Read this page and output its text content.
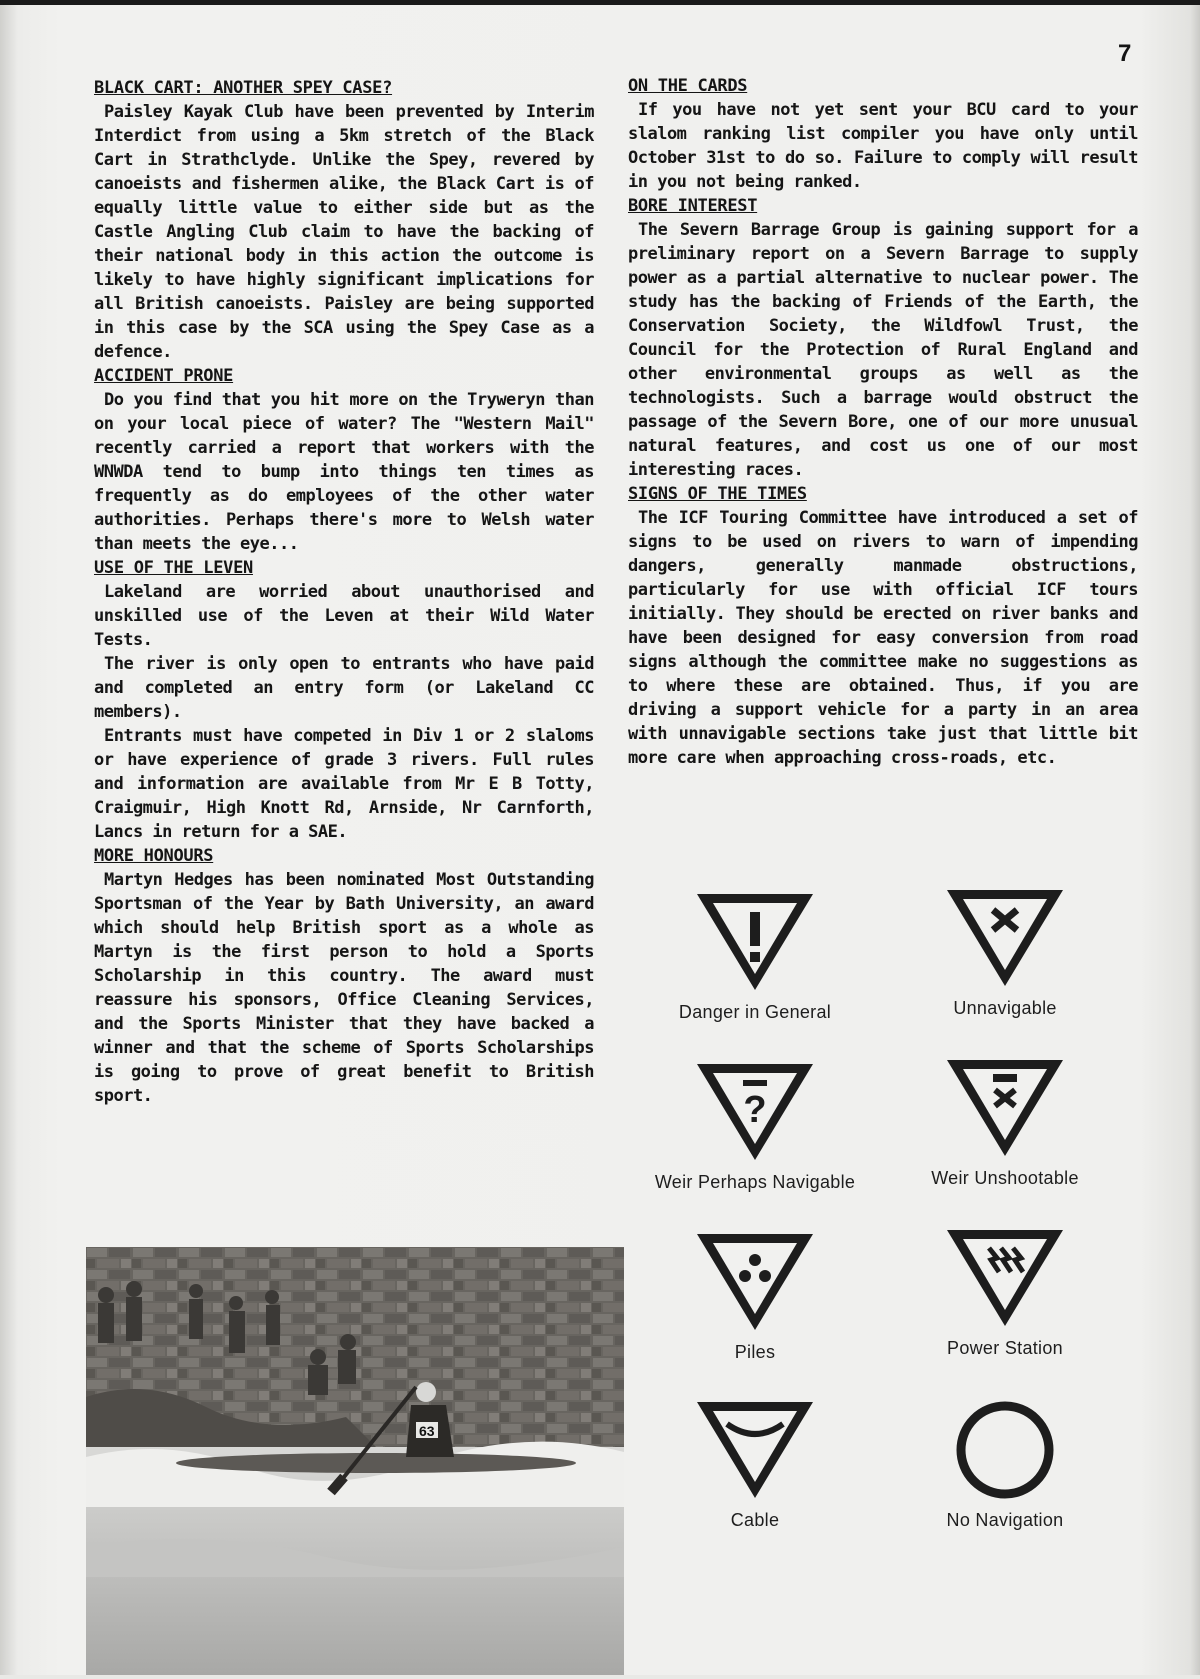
7
BLACK CART: ANOTHER SPEY CASE?

Paisley Kayak Club have been prevented by Interim Interdict from using a 5km stretch of the Black Cart in Strathclyde. Unlike the Spey, revered by canoeists and fishermen alike, the Black Cart is of equally little value to either side but as the Castle Angling Club claim to have the backing of their national body in this action the outcome is likely to have highly significant implications for all British canoeists. Paisley are being supported in this case by the SCA using the Spey Case as a defence.

ACCIDENT PRONE

Do you find that you hit more on the Tryweryn than on your local piece of water? The "Western Mail" recently carried a report that workers with the WNWDA tend to bump into things ten times as frequently as do employees of the other water authorities. Perhaps there's more to Welsh water than meets the eye...

USE OF THE LEVEN

Lakeland are worried about unauthorised and unskilled use of the Leven at their Wild Water Tests.

The river is only open to entrants who have paid and completed an entry form (or Lakeland CC members).

Entrants must have competed in Div 1 or 2 slaloms or have experience of grade 3 rivers. Full rules and information are available from Mr E B Totty, Craigmuir, High Knott Rd, Arnside, Nr Carnforth, Lancs in return for a SAE.

MORE HONOURS

Martyn Hedges has been nominated Most Outstanding Sportsman of the Year by Bath University, an award which should help British sport as a whole as Martyn is the first person to hold a Sports Scholarship in this country. The award must reassure his sponsors, Office Cleaning Services, and the Sports Minister that they have backed a winner and that the scheme of Sports Scholarships is going to prove of great benefit to British sport.

ON THE CARDS

If you have not yet sent your BCU card to your slalom ranking list compiler you have only until October 31st to do so. Failure to comply will result in you not being ranked.

BORE INTEREST

The Severn Barrage Group is gaining support for a preliminary report on a Severn Barrage to supply power as a partial alternative to nuclear power. The study has the backing of Friends of the Earth, the Conservation Society, the Wildfowl Trust, the Council for the Protection of Rural England and other environmental groups as well as the technologists. Such a barrage would obstruct the passage of the Severn Bore, one of our more unusual natural features, and cost us one of our most interesting races.

SIGNS OF THE TIMES

The ICF Touring Committee have introduced a set of signs to be used on rivers to warn of impending dangers, generally manmade obstructions, particularly for use with official ICF tours initially. They should be erected on river banks and have been designed for easy conversion from road signs although the committee make no suggestions as to where these are obtained. Thus, if you are driving a support vehicle for a party in an area with unnavigable sections take just that little bit more care when approaching cross-roads, etc.

63
Danger in General	Unnavigable
?
Weir Perhaps Navigable	Weir Unshootable
Piles	Power Station
Cable	No Navigation
